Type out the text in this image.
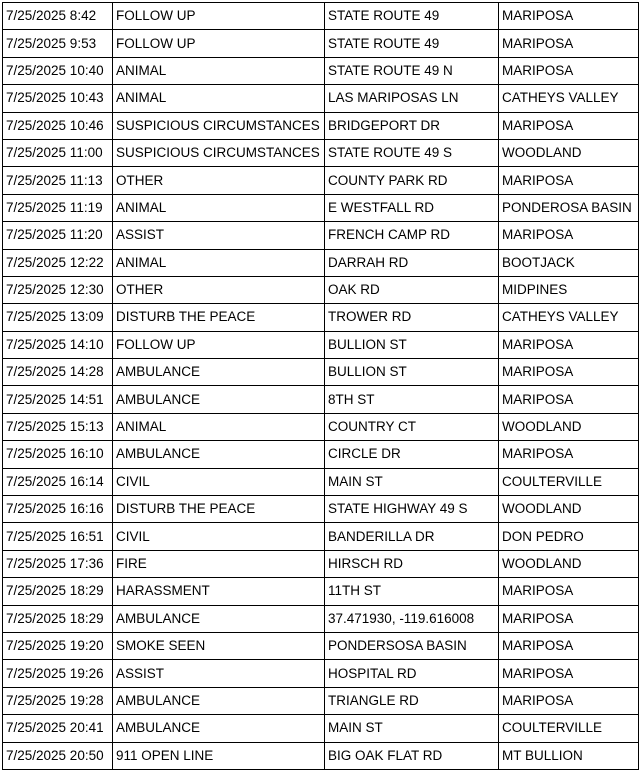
7/25/2025 8:42	FOLLOW UP	STATE ROUTE 49	MARIPOSA
7/25/2025 9:53	FOLLOW UP	STATE ROUTE 49	MARIPOSA
7/25/2025 10:40	ANIMAL	STATE ROUTE 49 N	MARIPOSA
7/25/2025 10:43	ANIMAL	LAS MARIPOSAS LN	CATHEYS VALLEY
7/25/2025 10:46	SUSPICIOUS CIRCUMSTANCES	BRIDGEPORT DR	MARIPOSA
7/25/2025 11:00	SUSPICIOUS CIRCUMSTANCES	STATE ROUTE 49 S	WOODLAND
7/25/2025 11:13	OTHER	COUNTY PARK RD	MARIPOSA
7/25/2025 11:19	ANIMAL	E WESTFALL RD	PONDEROSA BASIN
7/25/2025 11:20	ASSIST	FRENCH CAMP RD	MARIPOSA
7/25/2025 12:22	ANIMAL	DARRAH RD	BOOTJACK
7/25/2025 12:30	OTHER	OAK RD	MIDPINES
7/25/2025 13:09	DISTURB THE PEACE	TROWER RD	CATHEYS VALLEY
7/25/2025 14:10	FOLLOW UP	BULLION ST	MARIPOSA
7/25/2025 14:28	AMBULANCE	BULLION ST	MARIPOSA
7/25/2025 14:51	AMBULANCE	8TH ST	MARIPOSA
7/25/2025 15:13	ANIMAL	COUNTRY CT	WOODLAND
7/25/2025 16:10	AMBULANCE	CIRCLE DR	MARIPOSA
7/25/2025 16:14	CIVIL	MAIN ST	COULTERVILLE
7/25/2025 16:16	DISTURB THE PEACE	STATE HIGHWAY 49 S	WOODLAND
7/25/2025 16:51	CIVIL	BANDERILLA DR	DON PEDRO
7/25/2025 17:36	FIRE	HIRSCH RD	WOODLAND
7/25/2025 18:29	HARASSMENT	11TH ST	MARIPOSA
7/25/2025 18:29	AMBULANCE	37.471930, -119.616008	MARIPOSA
7/25/2025 19:20	SMOKE SEEN	PONDERSOSA BASIN	MARIPOSA
7/25/2025 19:26	ASSIST	HOSPITAL RD	MARIPOSA
7/25/2025 19:28	AMBULANCE	TRIANGLE RD	MARIPOSA
7/25/2025 20:41	AMBULANCE	MAIN ST	COULTERVILLE
7/25/2025 20:50	911 OPEN LINE	BIG OAK FLAT RD	MT BULLION
